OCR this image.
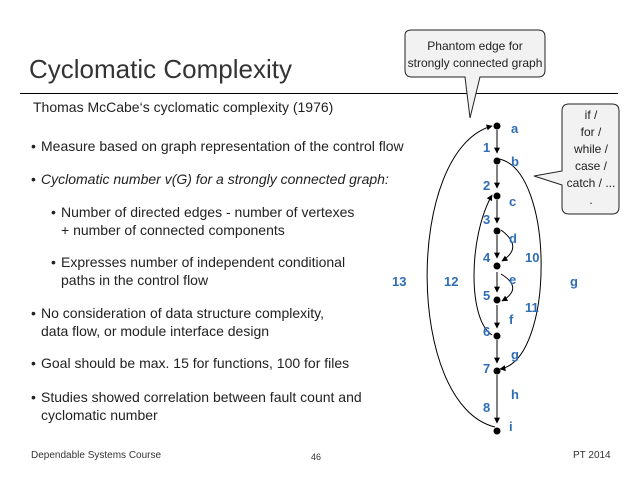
Cyclomatic Complexity
Thomas McCabe‘s cyclomatic complexity (1976)
• Measure based on graph representation of the control flow
• Cyclomatic number v(G) for a strongly connected graph:
• Number of directed edges - number of vertexes
+ number of connected components
• Expresses number of independent conditional
paths in the control flow
• No consideration of data structure complexity,
data flow, or module interface design
• Goal should be max. 15 for functions, 100 for files
• Studies showed correlation between fault count and
cyclomatic number
Phantom edge for
strongly connected graph
if /
for /
while /
case /
catch / ...
.
a
b
c
d
e
f
g
h
i
1
2
3
4
5
6
7
8
10
11
12
13	g
Dependable Systems Course	46	PT 2014
